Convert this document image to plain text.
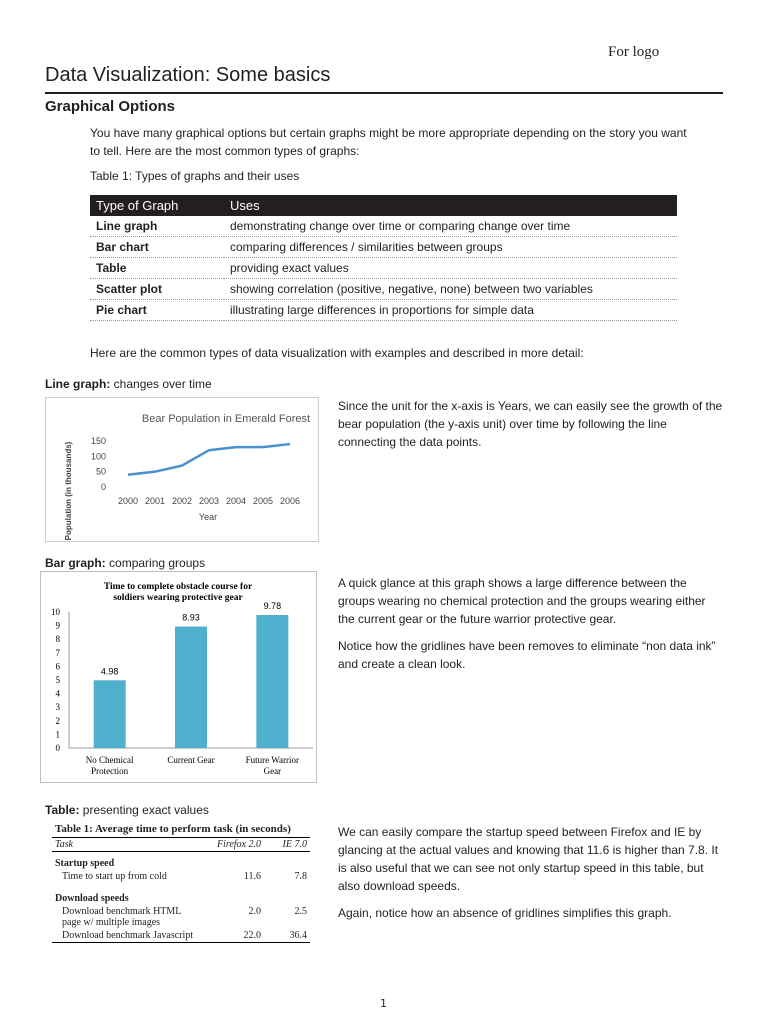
For logo
Data Visualization: Some basics
Graphical Options
You have many graphical options but certain graphs might be more appropriate depending on the story you want to tell. Here are the most common types of graphs:
Table 1: Types of graphs and their uses
Type of Graph	Uses
Line graph	demonstrating change over time or comparing change over time
Bar chart	comparing differences / similarities between groups
Table	providing exact values
Scatter plot	showing correlation (positive, negative, none) between two variables
Pie chart	illustrating large differences in proportions for simple data
Here are the common types of data visualization with examples and described in more detail:
Line graph: changes over time
Bear Population in Emerald Forest
Population (in thousands)	Year
0
50
100
150
2000 2001 2002 2003 2004 2005 2006
Since the unit for the x-axis is Years, we can easily see the growth of the bear population (the y-axis unit) over time by following the line connecting the data points.
Bar graph: comparing groups
Time to complete obstacle course for soldiers wearing protective gear
0
1
2
3
4
5
6
7
8
9
10
4.98
No Chemical Protection
8.93
Current Gear
9.78
Future Warrior Gear

A quick glance at this graph shows a large difference between the groups wearing no chemical protection and the groups wearing either the current gear or the future warrior protective gear.

Notice how the gridlines have been removes to eliminate “non data ink” and create a clean look.

Table: presenting exact values
Table 1: Average time to perform task (in seconds)		
Task	Firefox 2.0	IE 7.0
Startup speed		
Time to start up from cold	11.6	7.8
Download speeds		
Download benchmark HTML page w/ multiple images	2.0	2.5
Download benchmark Javascript	22.0	36.4

We can easily compare the startup speed between Firefox and IE by glancing at the actual values and knowing that 11.6 is higher than 7.8. It is also useful that we can see not only startup speed in this table, but also download speeds.

Again, notice how an absence of gridlines simplifies this graph.

1
